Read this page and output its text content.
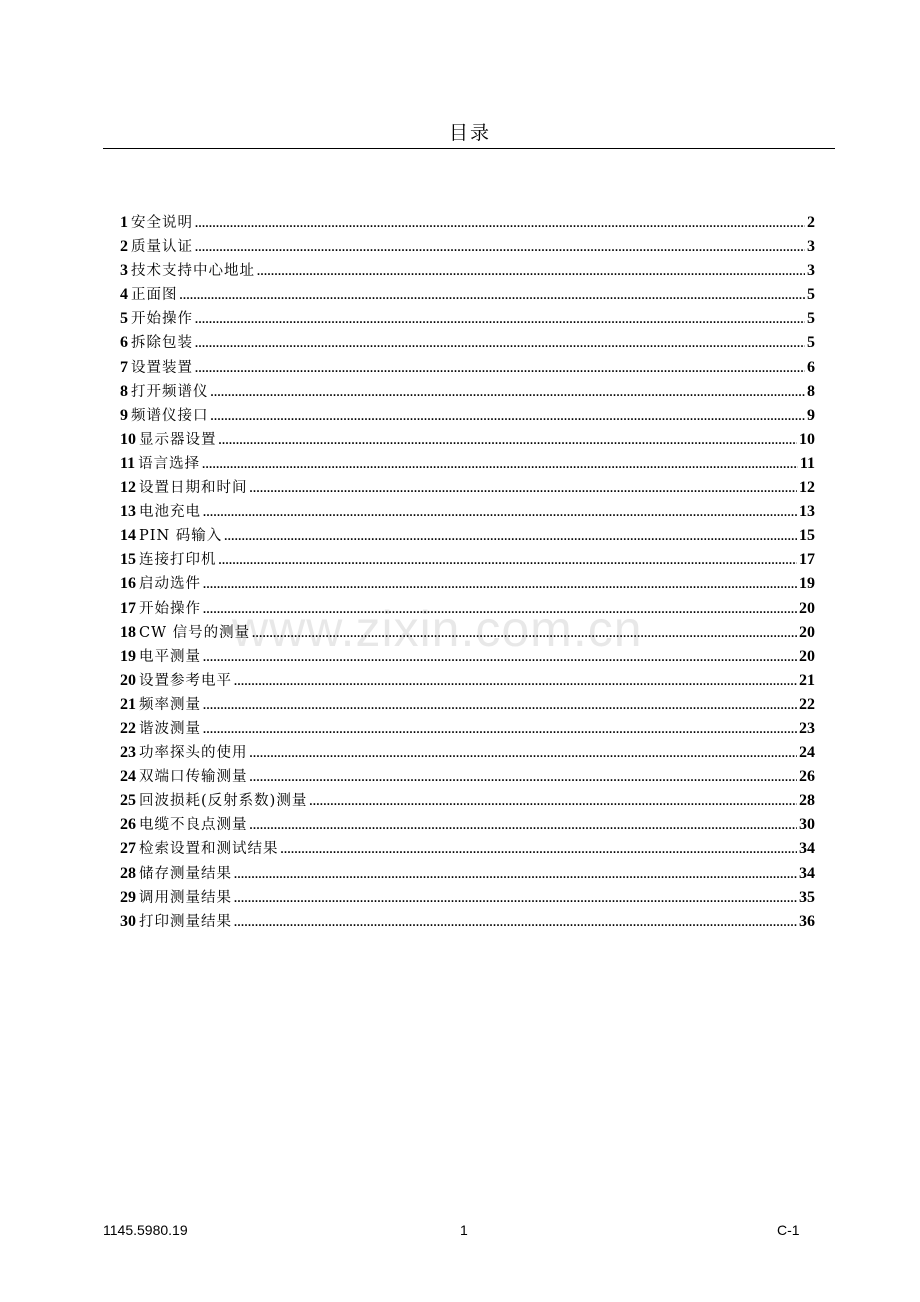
目录
1 安全说明 .....	2
2 质量认证 .....	3
3 技术支持中心地址 .....	3
4 正面图 .....	5
5 开始操作 .....	5
6 拆除包装 .....	5
7 设置装置 .....	6
8 打开频谱仪 .....	8
9 频谱仪接口 .....	9
10 显示器设置 .....	10
11 语言选择 .....	11
12 设置日期和时间 .....	12
13 电池充电 .....	13
14 PIN 码输入 .....	15
15 连接打印机 .....	17
16 启动选件 .....	19
17 开始操作 .....	20
18 CW 信号的测量 .....	20
19 电平测量 .....	20
20 设置参考电平 .....	21
21 频率测量 .....	22
22 谐波测量 .....	23
23 功率探头的使用 .....	24
24 双端口传输测量 .....	26
25 回波损耗(反射系数)测量 .....	28
26 电缆不良点测量 .....	30
27 检索设置和测试结果 .....	34
28 储存测量结果 .....	34
29 调用测量结果 .....	35
30 打印测量结果 .....	36
www.zixin.com.cn
1145.5980.19	1	C-1
